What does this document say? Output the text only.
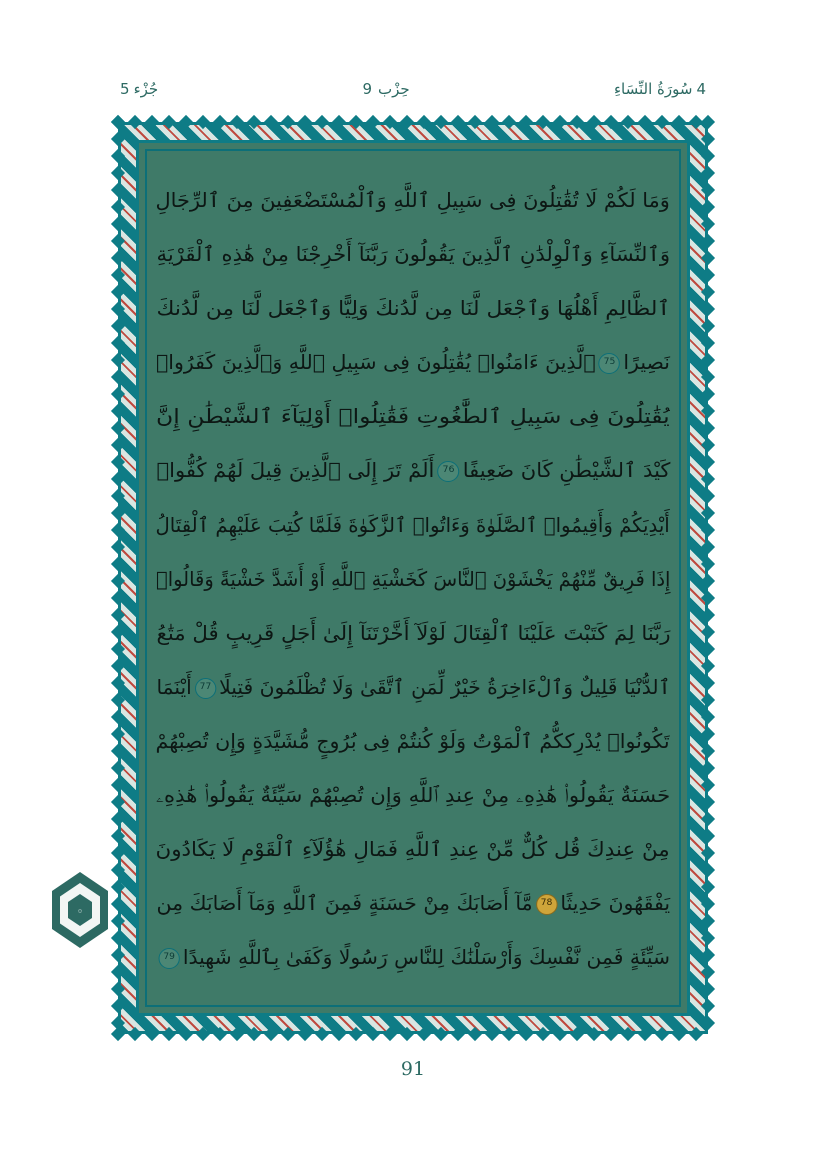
4
سُورَةُ النِّسَاءِ
حِزْب
9
جُزْء
5
وَمَا لَكُمْ لَا تُقَٰتِلُونَ فِى سَبِيلِ ٱللَّهِ وَٱلْمُسْتَضْعَفِينَ مِنَ ٱلرِّجَالِ
وَٱلنِّسَآءِ وَٱلْوِلْدَٰنِ ٱلَّذِينَ يَقُولُونَ رَبَّنَآ أَخْرِجْنَا مِنْ هَٰذِهِ ٱلْقَرْيَةِ
ٱلظَّالِمِ أَهْلُهَا وَٱجْعَل لَّنَا مِن لَّدُنكَ وَلِيًّا وَٱجْعَل لَّنَا مِن لَّدُنكَ
نَصِيرًا75ٱلَّذِينَ ءَامَنُوا۟ يُقَٰتِلُونَ فِى سَبِيلِ ٱللَّهِ وَٱلَّذِينَ كَفَرُوا۟
يُقَٰتِلُونَ فِى سَبِيلِ ٱلطَّٰغُوتِ فَقَٰتِلُوا۟ أَوْلِيَآءَ ٱلشَّيْطَٰنِ إِنَّ
كَيْدَ ٱلشَّيْطَٰنِ كَانَ ضَعِيفًا76أَلَمْ تَرَ إِلَى ٱلَّذِينَ قِيلَ لَهُمْ كُفُّوا۟
أَيْدِيَكُمْ وَأَقِيمُوا۟ ٱلصَّلَوٰةَ وَءَاتُوا۟ ٱلزَّكَوٰةَ فَلَمَّا كُتِبَ عَلَيْهِمُ ٱلْقِتَالُ
إِذَا فَرِيقٌ مِّنْهُمْ يَخْشَوْنَ ٱلنَّاسَ كَخَشْيَةِ ٱللَّهِ أَوْ أَشَدَّ خَشْيَةً وَقَالُوا۟
رَبَّنَا لِمَ كَتَبْتَ عَلَيْنَا ٱلْقِتَالَ لَوْلَآ أَخَّرْتَنَآ إِلَىٰ أَجَلٍ قَرِيبٍ قُلْ مَتَٰعُ
ٱلدُّنْيَا قَلِيلٌ وَٱلْءَاخِرَةُ خَيْرٌ لِّمَنِ ٱتَّقَىٰ وَلَا تُظْلَمُونَ فَتِيلًا77أَيْنَمَا
تَكُونُوا۟ يُدْرِككُّمُ ٱلْمَوْتُ وَلَوْ كُنتُمْ فِى بُرُوجٍ مُّشَيَّدَةٍ وَإِن تُصِبْهُمْ
حَسَنَةٌ يَقُولُوا۟ هَٰذِهِۦ مِنْ عِندِ ٱللَّهِ وَإِن تُصِبْهُمْ سَيِّئَةٌ يَقُولُوا۟ هَٰذِهِۦ
مِنْ عِندِكَ قُل كُلٌّ مِّنْ عِندِ ٱللَّهِ فَمَالِ هَٰؤُلَآءِ ٱلْقَوْمِ لَا يَكَادُونَ
يَفْقَهُونَ حَدِيثًا78مَّآ أَصَابَكَ مِنْ حَسَنَةٍ فَمِنَ ٱللَّهِ وَمَآ أَصَابَكَ مِن
سَيِّئَةٍ فَمِن نَّفْسِكَ وَأَرْسَلْنَٰكَ لِلنَّاسِ رَسُولًا وَكَفَىٰ بِٱللَّهِ شَهِيدًا79
۞
91
